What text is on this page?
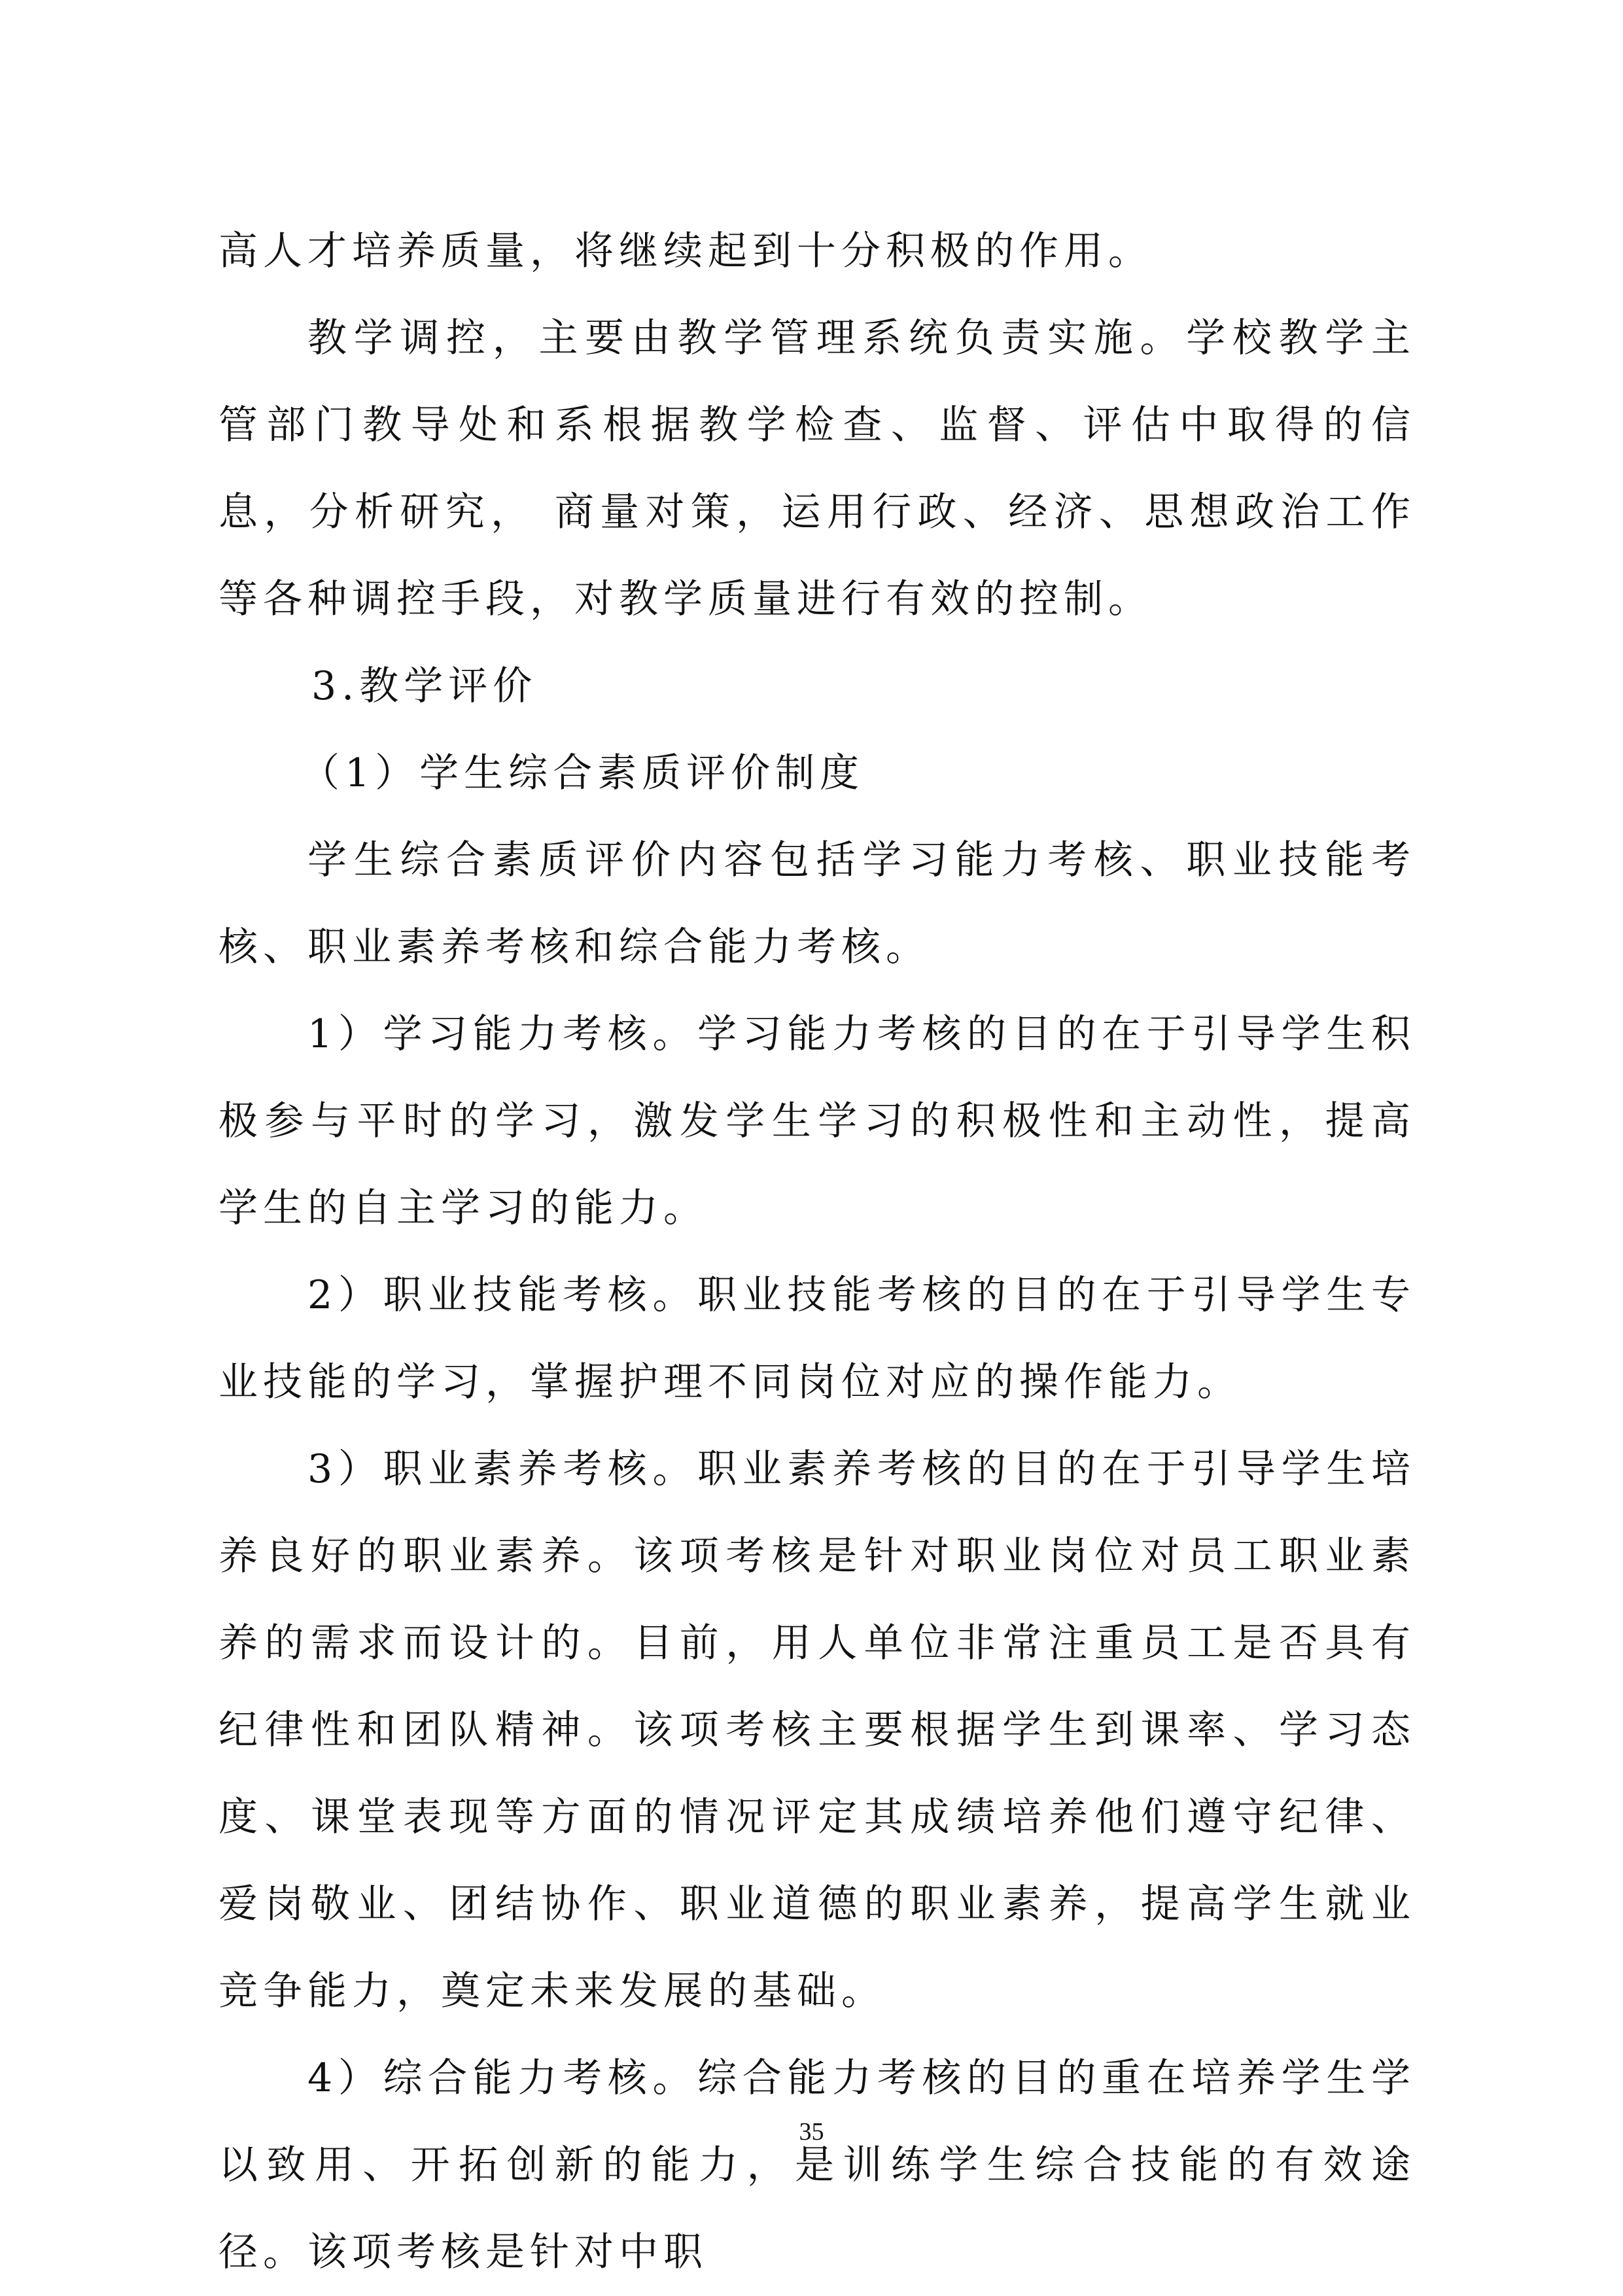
高人才培养质量，将继续起到十分积极的作用。

教学调控，主要由教学管理系统负责实施。学校教学主管部门教导处和系根据教学检查、监督、评估中取得的信息，分析研究， 商量对策，运用行政、经济、思想政治工作等各种调控手段，对教学质量进行有效的控制。

3.教学评价

（1）学生综合素质评价制度

学生综合素质评价内容包括学习能力考核、职业技能考核、职业素养考核和综合能力考核。

1）学习能力考核。学习能力考核的目的在于引导学生积极参与平时的学习，激发学生学习的积极性和主动性，提高学生的自主学习的能力。

2）职业技能考核。职业技能考核的目的在于引导学生专业技能的学习，掌握护理不同岗位对应的操作能力。

3）职业素养考核。职业素养考核的目的在于引导学生培养良好的职业素养。该项考核是针对职业岗位对员工职业素养的需求而设计的。目前，用人单位非常注重员工是否具有纪律性和团队精神。该项考核主要根据学生到课率、学习态度、课堂表现等方面的情况评定其成绩培养他们遵守纪律、爱岗敬业、团结协作、职业道德的职业素养，提高学生就业竞争能力，奠定未来发展的基础。

4）综合能力考核。综合能力考核的目的重在培养学生学以致用、开拓创新的能力，是训练学生综合技能的有效途径。该项考核是针对中职

35
